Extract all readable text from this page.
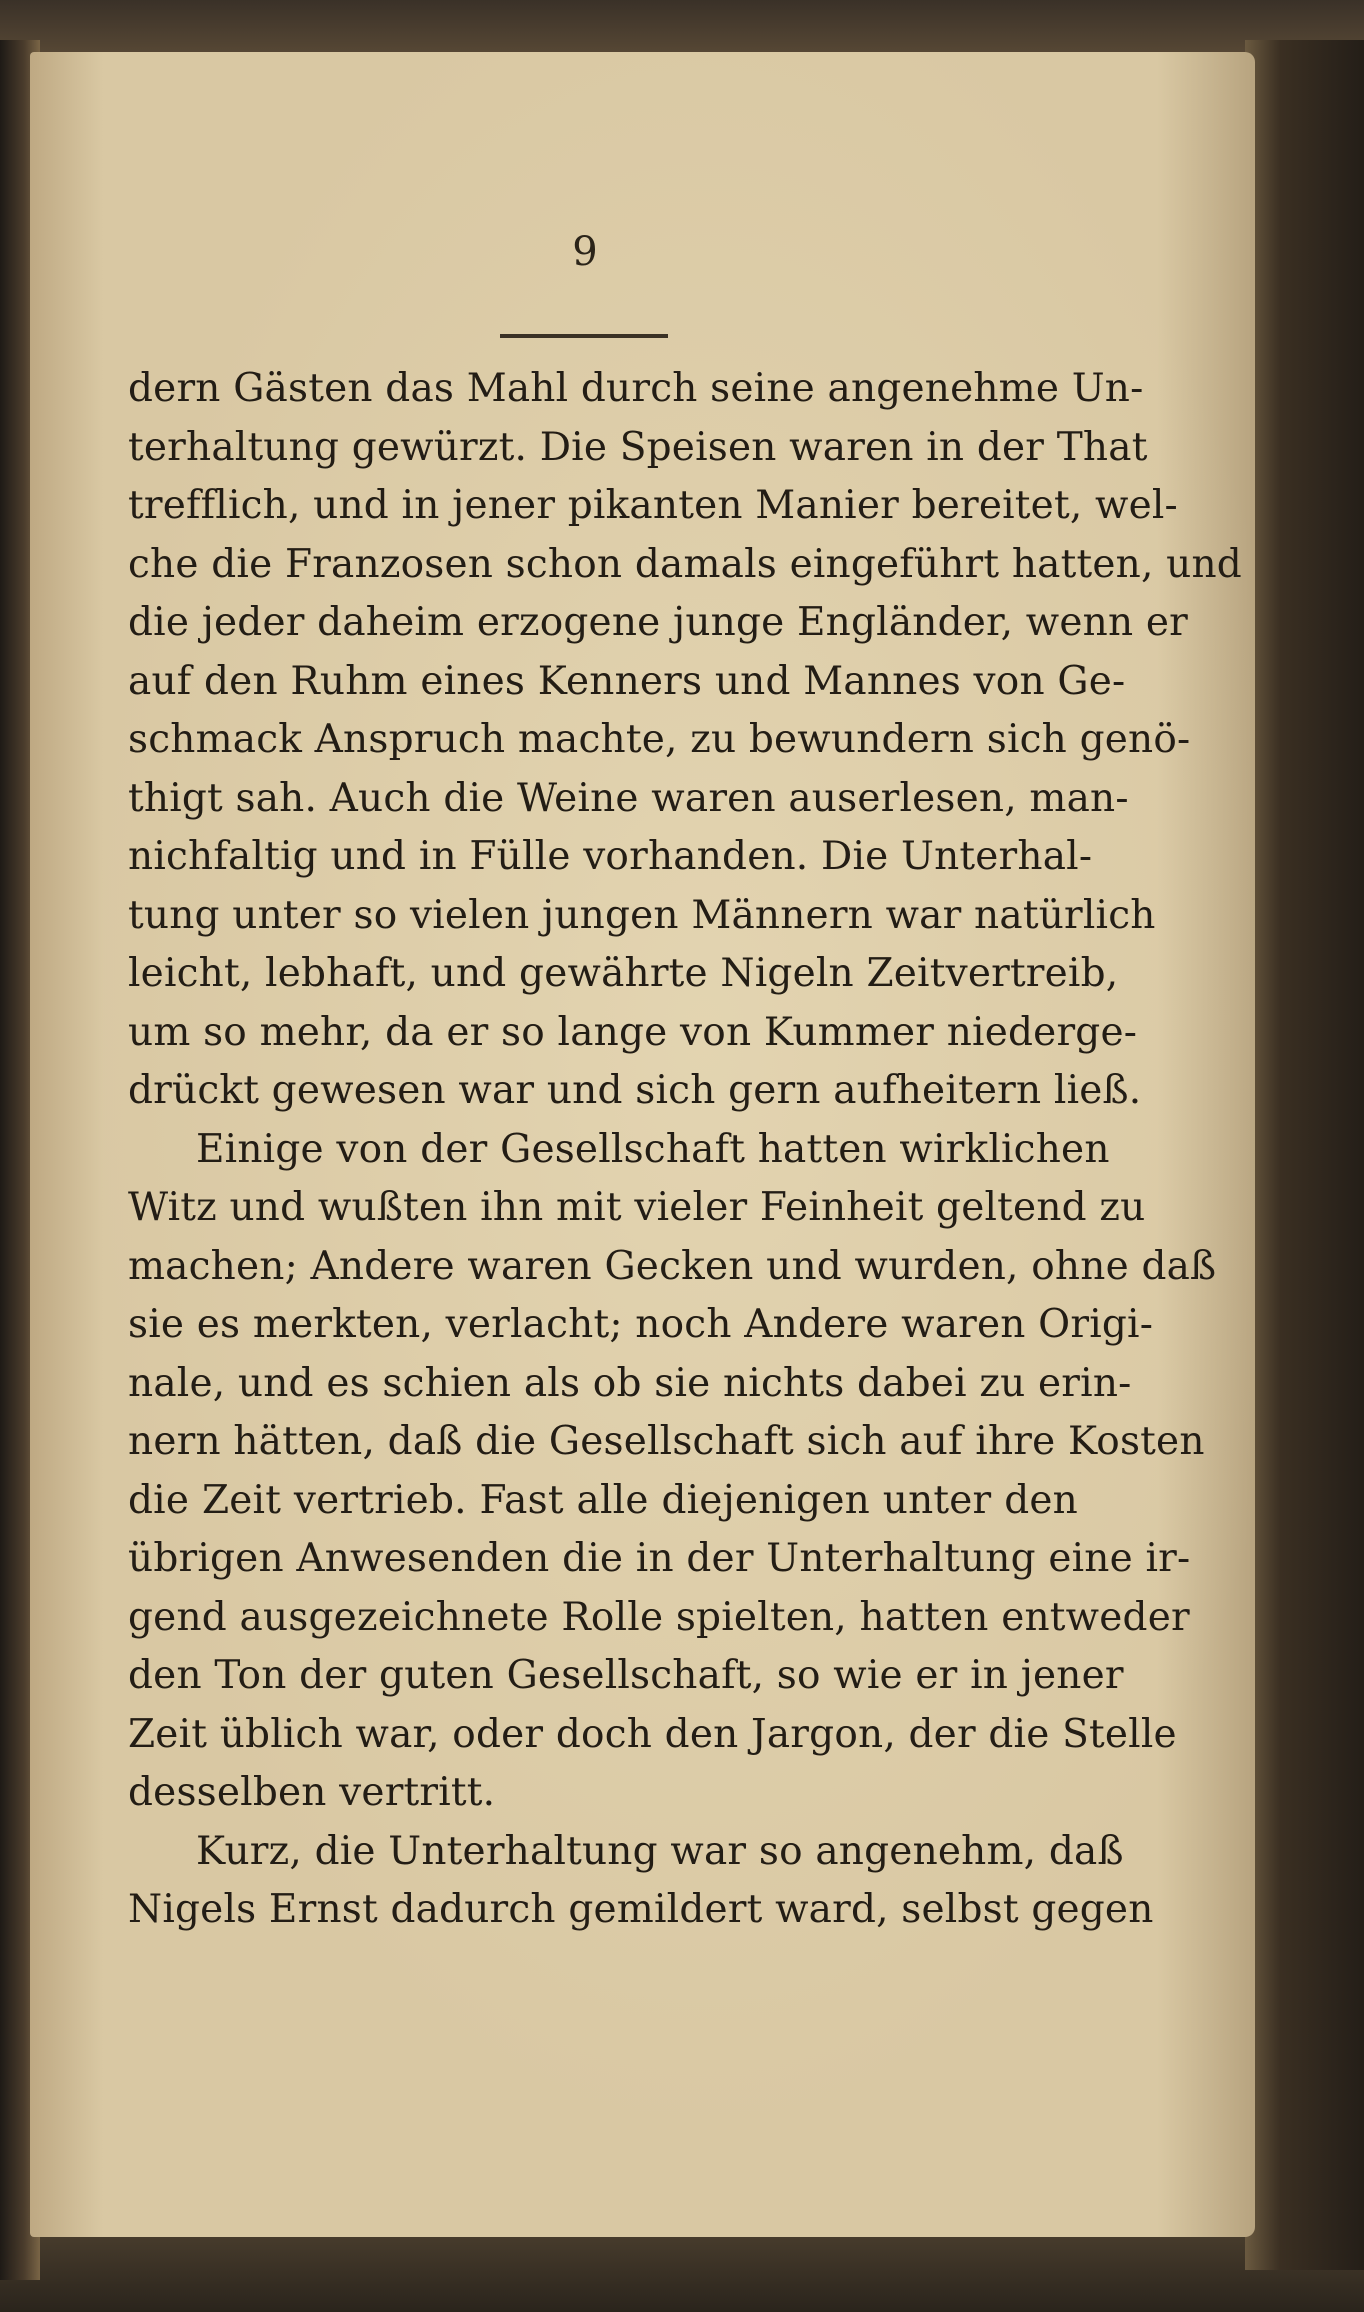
9
dern Gästen das Mahl durch seine angenehme Un-
terhaltung gewürzt. Die Speisen waren in der That
trefflich, und in jener pikanten Manier bereitet, wel-
che die Franzosen schon damals eingeführt hatten, und
die jeder daheim erzogene junge Engländer, wenn er
auf den Ruhm eines Kenners und Mannes von Ge-
schmack Anspruch machte, zu bewundern sich genö-
thigt sah. Auch die Weine waren auserlesen, man-
nichfaltig und in Fülle vorhanden. Die Unterhal-
tung unter so vielen jungen Männern war natürlich
leicht, lebhaft, und gewährte Nigeln Zeitvertreib,
um so mehr, da er so lange von Kummer niederge-
drückt gewesen war und sich gern aufheitern ließ.
Einige von der Gesellschaft hatten wirklichen
Witz und wußten ihn mit vieler Feinheit geltend zu
machen; Andere waren Gecken und wurden, ohne daß
sie es merkten, verlacht; noch Andere waren Origi-
nale, und es schien als ob sie nichts dabei zu erin-
nern hätten, daß die Gesellschaft sich auf ihre Kosten
die Zeit vertrieb. Fast alle diejenigen unter den
übrigen Anwesenden die in der Unterhaltung eine ir-
gend ausgezeichnete Rolle spielten, hatten entweder
den Ton der guten Gesellschaft, so wie er in jener
Zeit üblich war, oder doch den Jargon, der die Stelle
desselben vertritt.
Kurz, die Unterhaltung war so angenehm, daß
Nigels Ernst dadurch gemildert ward, selbst gegen
